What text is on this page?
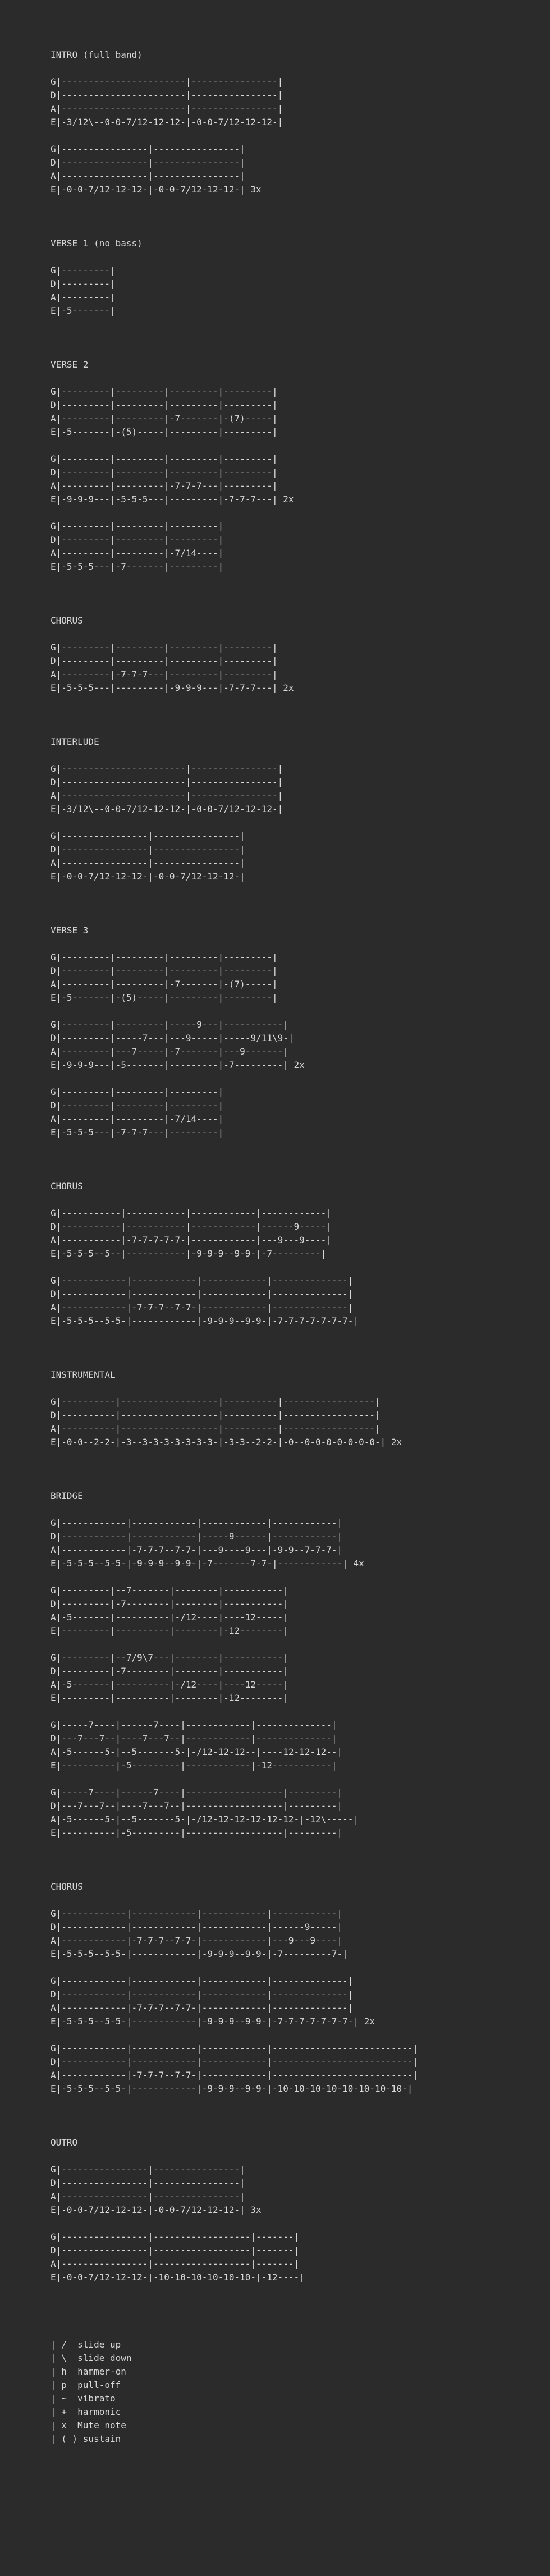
INTRO (full band)

G|-----------------------|----------------|
D|-----------------------|----------------|
A|-----------------------|----------------|
E|-3/12\--0-0-7/12-12-12-|-0-0-7/12-12-12-|

G|----------------|----------------|
D|----------------|----------------|
A|----------------|----------------|
E|-0-0-7/12-12-12-|-0-0-7/12-12-12-| 3x

VERSE 1 (no bass)

G|---------|
D|---------|
A|---------|
E|-5-------|

VERSE 2

G|---------|---------|---------|---------|
D|---------|---------|---------|---------|
A|---------|---------|-7-------|-(7)-----|
E|-5-------|-(5)-----|---------|---------|

G|---------|---------|---------|---------|
D|---------|---------|---------|---------|
A|---------|---------|-7-7-7---|---------|
E|-9-9-9---|-5-5-5---|---------|-7-7-7---| 2x

G|---------|---------|---------|
D|---------|---------|---------|
A|---------|---------|-7/14----|
E|-5-5-5---|-7-------|---------|

CHORUS

G|---------|---------|---------|---------|
D|---------|---------|---------|---------|
A|---------|-7-7-7---|---------|---------|
E|-5-5-5---|---------|-9-9-9---|-7-7-7---| 2x

INTERLUDE

G|-----------------------|----------------|
D|-----------------------|----------------|
A|-----------------------|----------------|
E|-3/12\--0-0-7/12-12-12-|-0-0-7/12-12-12-|

G|----------------|----------------|
D|----------------|----------------|
A|----------------|----------------|
E|-0-0-7/12-12-12-|-0-0-7/12-12-12-|

VERSE 3

G|---------|---------|---------|---------|
D|---------|---------|---------|---------|
A|---------|---------|-7-------|-(7)-----|
E|-5-------|-(5)-----|---------|---------|

G|---------|---------|-----9---|-----------|
D|---------|-----7---|---9-----|-----9/11\9-|
A|---------|---7-----|-7-------|---9-------|
E|-9-9-9---|-5-------|---------|-7---------| 2x

G|---------|---------|---------|
D|---------|---------|---------|
A|---------|---------|-7/14----|
E|-5-5-5---|-7-7-7---|---------|

CHORUS

G|-----------|-----------|------------|------------|
D|-----------|-----------|------------|------9-----|
A|-----------|-7-7-7-7-7-|------------|---9---9----|
E|-5-5-5--5--|-----------|-9-9-9--9-9-|-7---------|

G|------------|------------|------------|--------------|
D|------------|------------|------------|--------------|
A|------------|-7-7-7--7-7-|------------|--------------|
E|-5-5-5--5-5-|------------|-9-9-9--9-9-|-7-7-7-7-7-7-7-|

INSTRUMENTAL

G|----------|------------------|----------|-----------------|
D|----------|------------------|----------|-----------------|
A|----------|------------------|----------|-----------------|
E|-0-0--2-2-|-3--3-3-3-3-3-3-3-|-3-3--2-2-|-0--0-0-0-0-0-0-0-| 2x

BRIDGE

G|------------|------------|------------|------------|
D|------------|------------|-----9------|------------|
A|------------|-7-7-7--7-7-|---9----9---|-9-9--7-7-7-|
E|-5-5-5--5-5-|-9-9-9--9-9-|-7-------7-7-|------------| 4x

G|---------|--7-------|--------|-----------|
D|---------|-7--------|--------|-----------|
A|-5-------|----------|-/12----|----12-----|
E|---------|----------|--------|-12--------|

G|---------|--7/9\7---|--------|-----------|
D|---------|-7--------|--------|-----------|
A|-5-------|----------|-/12----|----12-----|
E|---------|----------|--------|-12--------|

G|-----7----|------7----|------------|--------------|
D|---7---7--|----7---7--|------------|--------------|
A|-5------5-|--5-------5-|-/12-12-12--|----12-12-12--|
E|----------|-5---------|------------|-12-----------|

G|-----7----|------7----|------------------|---------|
D|---7---7--|----7---7--|------------------|---------|
A|-5------5-|--5-------5-|-/12-12-12-12-12-12-|-12\-----|
E|----------|-5---------|------------------|---------|

CHORUS

G|------------|------------|------------|------------|
D|------------|------------|------------|------9-----|
A|------------|-7-7-7--7-7-|------------|---9---9----|
E|-5-5-5--5-5-|------------|-9-9-9--9-9-|-7---------7-|

G|------------|------------|------------|--------------|
D|------------|------------|------------|--------------|
A|------------|-7-7-7--7-7-|------------|--------------|
E|-5-5-5--5-5-|------------|-9-9-9--9-9-|-7-7-7-7-7-7-7-| 2x

G|------------|------------|------------|--------------------------|
D|------------|------------|------------|--------------------------|
A|------------|-7-7-7--7-7-|------------|--------------------------|
E|-5-5-5--5-5-|------------|-9-9-9--9-9-|-10-10-10-10-10-10-10-10-|

OUTRO

G|----------------|----------------|
D|----------------|----------------|
A|----------------|----------------|
E|-0-0-7/12-12-12-|-0-0-7/12-12-12-| 3x

G|----------------|------------------|-------|
D|----------------|------------------|-------|
A|----------------|------------------|-------|
E|-0-0-7/12-12-12-|-10-10-10-10-10-10-|-12----|

| /  slide up
| \  slide down
| h  hammer-on
| p  pull-off
| ~  vibrato
| +  harmonic
| x  Mute note
| ( ) sustain
